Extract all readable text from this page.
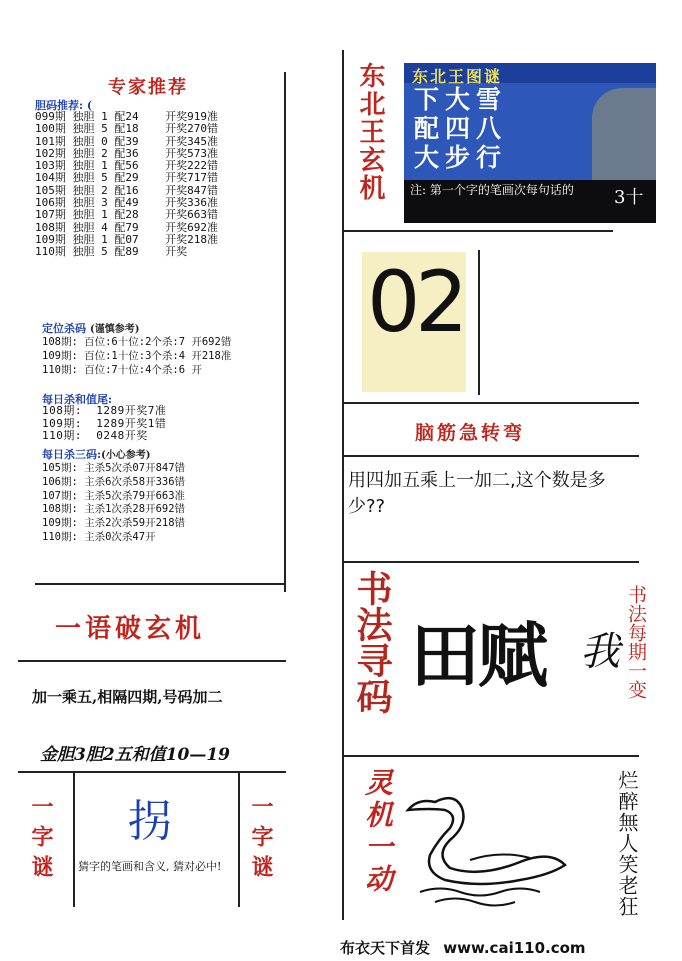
专家推荐
胆码推荐: (
099期 独胆 1 配24    开奖919准
100期 独胆 5 配18    开奖270错
101期 独胆 0 配39    开奖345准
102期 独胆 2 配36    开奖573准
103期 独胆 1 配56    开奖222错
104期 独胆 5 配29    开奖717错
105期 独胆 2 配16    开奖847错
106期 独胆 3 配49    开奖336准
107期 独胆 1 配28    开奖663错
108期 独胆 4 配79    开奖692准
109期 独胆 1 配07    开奖218准
110期 独胆 5 配89    开奖
定位杀码 (谨慎参考)
108期: 百位:6十位:2个杀:7 开692错
109期: 百位:1十位:3个杀:4 开218准
110期: 百位:7十位:4个杀:6 开
每日杀和值尾:
108期:  1289开奖7准
109期:  1289开奖1错
110期:  0248开奖
每日杀三码:(小心参考)
105期: 主杀5次杀07开847错
106期: 主杀6次杀58开336错
107期: 主杀5次杀79开663准
108期: 主杀1次杀28开692错
109期: 主杀2次杀59开218错
110期: 主杀0次杀47开
一语破玄机
加一乘五,相隔四期,号码加二
金胆3胆2五和值10—19
一字谜	一字谜
拐
猜字的笔画和含义, 猜对必中!
东北王玄机 东北王图谜
下大雪
配四八
大步行
注: 第一个字的笔画次每句话的	3十
0
2
脑筋急转弯
用四加五乘上一加二,这个数是多少??
书法寻码 田赋 我 书法每期一变
灵机一动	烂醉無人笑老狂
布衣天下首发 www.cai110.com
